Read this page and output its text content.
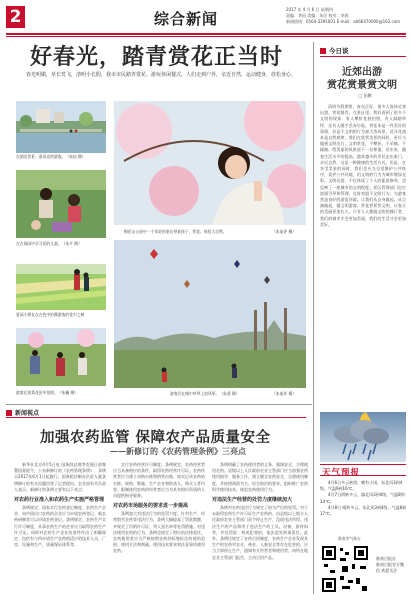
2	综合新闻
2017 年 4 月 6 日 星期四
责编：李因 美编：朱民 校对：李鸿
新闻热线：0564-3391001 E-mail：ah66470000@163.com
好春光，踏青赏花正当时
春光明媚，草长莺飞，清明小长假，我市市民踏青赏花、游玩休闲餐式，人们走到户外，亲近自然，运动健身，放松身心。
在湖边赏景、看风光的游客。（朱仙 摄）
在古猗园中学习花的儿童。（朱平 摄）
夏园小朋友在古色中拍摄游客的花中之树
游客在油菜花田中拍照。（朱巍 摄）
梅花山公园中一个年轻的家长带着孩子，赏花、体验大自然。	（朱前评 摄）
游客们在城中草坪上放风筝。（朱嘉 摄）	（朱前评 摄）
今日谈
近郊出游
赏花赏景赏文明
□ 张鹏
清明节假期里，春光正好，很多人选择近郊出游、赏花踏青。在景区里，我们看到了很多不文明的现象：有人攀折花枝拍照，有人踩踏草坪，还有人随手丢弃垃圾。赏花本是一件美好的事情，但是不文明的行为却大煞风景。花开花落本是自然规律，我们在欣赏美景的同时，更应当做到文明出行、文明赏花，不攀折、不采摘、不踩踏，给美丽的风景留下一份尊重。近年来，随着生活水平的提高，越来越多的市民走出家门，亲近自然，这是一种健康的生活方式。但是，在享受美景的同时，我们也应当自觉维护公共秩序，爱护公共环境，用文明的行为为城市增添光彩。文明出游，不仅体现了个人的素质修养，也反映了一座城市的文明程度。景区管理部门也应加强引导和管理，及时劝阻不文明行为，为游客营造良好的游览环境。让我们从自身做起，从点滴做起，做文明游客，赏花赏景赏文明，让春天的美丽更加长久。只有人人都做文明的践行者，我们的城市才会更加美丽，我们的生活才会更加美好。
新闻视点
加强农药监管 保障农产品质量安全
——新修订的《农药管理条例》三亮点
新华社北京4月5日电 国务院总理李克强日前签署国务院令，公布新修订的《农药管理条例》，条例自2017年6月1日起施行。国务院法制办负责人就条例修订的有关问题回答了记者提问。农业部有关负责人表示，新修订的条例主要有以下亮点：
对农药行业准入和农药生产实施严格管理
条例规定，国家实行农药登记制度，农药生产企业、向中国出口农药的企业应当申请农药登记。新农药研制者可以申请农药登记。条例规定，农药生产实行许可制度，从事农药生产的企业应当取得农药生产许可证。同时对农药生产企业的条件作出了明确规定，包括有与所申请生产农药相适应的技术人员、厂房、设施和生产、质量保证体系等。
实行农药经营许可制度。条例规定，农药经营者应当具备相应的条件，取得农药经营许可证。农药经营者应当建立采购台账和销售台账，如实记录农药的名称、规格、数量、生产企业和供货人、购买人等内容。限制使用农药的经营者应当为具有相应资质的人员提供指导服务。
对农药市场服务的要求进一步提高
条例加大对违法行为的处罚力度。针对生产、经营假劣农药等违法行为，条例大幅提高了罚款数额，并规定了吊销许可证、列入黑名单等处罚措施。对违法使用农药的行为，条例也规定了相应的法律责任，农药使用者应当严格按照农药的标签标注的使用范围、使用方法和剂量、使用技术要求和注意事项使用农药。
条例明确了农药使用者的义务，强调安全、合理使用农药。县级以上人民政府农业主管部门应当加强农药使用指导、服务工作，建立健全农药安全、合理使用制度，并按照预防为主、综合防治的要求，组织推广农药科学使用技术，规范农药使用行为。
对违法生产经营的处罚力度继续加大
条例对农药违法行为规定了较为严厉的处罚。对于未取得农药生产许可证生产农药的，由县级以上地方人民政府农业主管部门责令停止生产，没收违法所得、违法生产的产品和用于违法生产的工具、设备、原材料等，并处罚款；构成犯罪的，依法追究刑事责任。此外，条例还规定了农药召回制度，农药生产企业发现其生产的农药对农业、林业、人畜安全等存在危害的，应当立即停止生产，通知有关经营者和使用者，向所在地农业主管部门报告，主动召回产品。
天气预报
4月6日多云转阴，晚有小雨，东北风3到4级，气温9到16℃。
4月7日阴转多云，偏北风3到4级，气温8到14℃。
4月8日 晴转多云，东北风3到4级，气温8到17℃。
淮南市气象台
淮南日报社
淮南日报官方微信 欢迎关注
